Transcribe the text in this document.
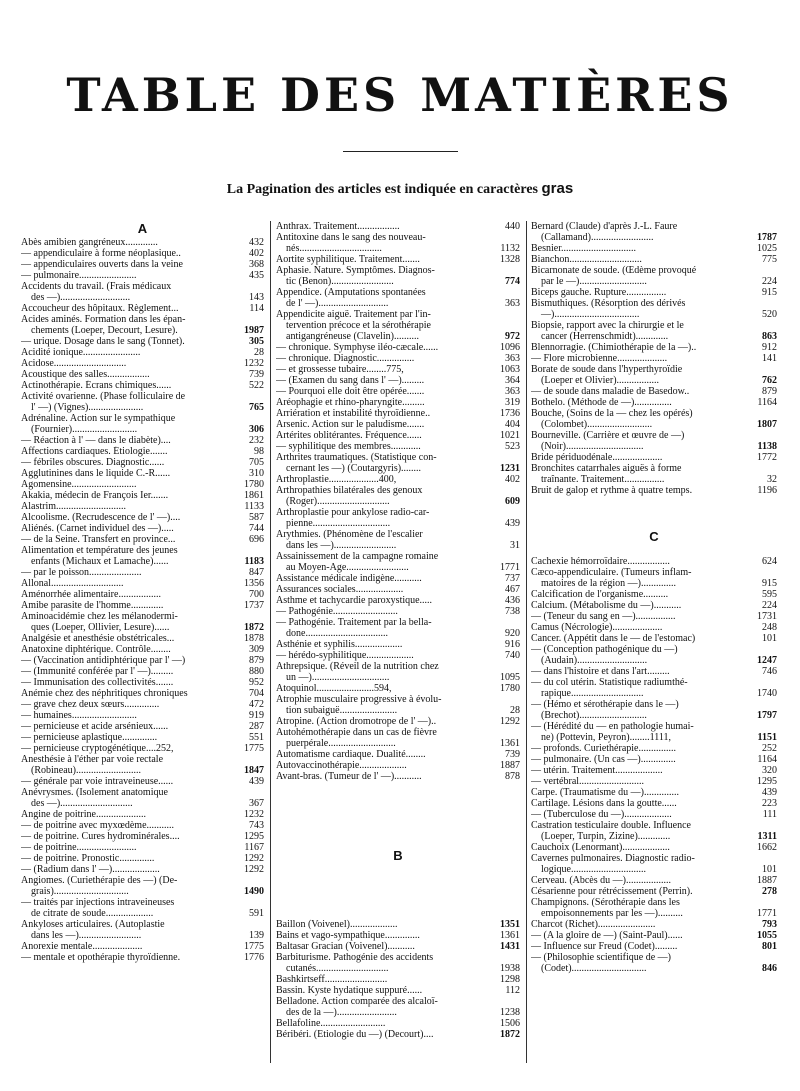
TABLE DES MATIÈRES

La Pagination des articles est indiquée en caractères gras

A
Abès amibien gangréneux.............	432
— appendiculaire à forme néoplasique..	402
— appendiculaires ouverts dans la veine	368
— pulmonaire.......................	435
Accidents du travail. (Frais médicaux
des —)............................	143
Accoucheur des hôpitaux. Règlement...	114
Acides aminés. Formation dans les épan-
chements (Loeper, Decourt, Lesure).	1987
— urique. Dosage dans le sang (Tonnet).	305
Acidité ionique.......................	28
Acidose.............................	1232
Acoustique des salles.................	739
Actinothérapie. Écrans chimiques......	522
Activité ovarienne. (Phase folliculaire de
l' —) (Vignes)......................	765
Adrénaline. Action sur le sympathique
(Fournier)..........................	306
— Réaction à l' — dans le diabète)....	232
Affections cardiaques. Étiologie.......	98
— fébriles obscures. Diagnostic......	705
Agglutinines dans le liquide C.-R......	310
Agomensine..........................	1780
Akakia, médecin de François Ier.......	1861
Alastrim............................	1133
Alcoolisme. (Recrudescence de l' —)....	587
Aliénés. (Carnet individuel des —).....	744
— de la Seine. Transfert en province...	696
Alimentation et température des jeunes
enfants (Michaux et Lamache)......	1183
— par le poisson.....................	847
Allonal.............................	1356
Aménorrhée alimentaire.................	700
Amibe parasite de l'homme.............	1737
Aminoacidémie chez les mélanodermi-
ques (Loeper, Ollivier, Lesure)......	1872
Analgésie et anesthésie obstétricales...	1878
Anatoxine diphtérique. Contrôle........	309
— (Vaccination antidiphtérique par l' —)	879
— (Immunité conférée par l' —).........	880
— Immunisation des collectivités.......	952
Anémie chez des néphritiques chroniques	704
— grave chez deux sœurs..............	472
— humaines..........................	919
— pernicieuse et acide arsénieux......	287
— pernicieuse aplastique..............	551
— pernicieuse cryptogénétique....252,	1775
Anesthésie à l'éther par voie rectale
(Robineau)..........................	1847
— générale par voie intraveineuse......	439
Anévrysmes. (Isolement anatomique
des —).............................	367
Angine de poitrine....................	1232
— de poitrine avec myxœdème...........	743
— de poitrine. Cures hydrominérales....	1295
— de poitrine........................	1167
— de poitrine. Pronostic..............	1292
— (Radium dans l' —)...................	1292
Angiomes. (Curiethérapie des —) (De-
grais)..............................	1490
— traités par injections intraveineuses
de citrate de soude...................	591
Ankyloses articulaires. (Autoplastie
dans les —).........................	139
Anorexie mentale....................	1775
— mentale et opothérapie thyroïdienne.	1776
Anthrax. Traitement.................	440
Antitoxine dans le sang des nouveau-
nés.................................	1132
Aortite syphilitique. Traitement.......	1328
Aphasie. Nature. Symptômes. Diagnos-
tic (Benon).........................	774
Appendice. (Amputations spontanées
de l' —)............................	363
Appendicite aiguë. Traitement par l'in-
tervention précoce et la sérothérapie
antigangréneuse (Clavelin)..........	972
— chronique. Symphyse iléo-cæcale......	1096
— chronique. Diagnostic...............	363
— et grossesse tubaire........775,	1063
— (Examen du sang dans l' —).........	364
— Pourquoi elle doit être opérée.......	363
Aréophagie et rhino-pharyngite.........	319
Arriération et instabilité thyroïdienne..	1736
Arsenic. Action sur le paludisme.......	404
Artérites oblitérantes. Fréquence......	1021
— syphilitique des membres............	523
Arthrites traumatiques. (Statistique con-
cernant les —) (Coutargyris)........	1231
Arthroplastie....................400,	402
Arthropathies bilatérales des genoux
(Roger).............................	609
Arthroplastie pour ankylose radio-car-
pienne...............................	439
Arythmies. (Phénomène de l'escalier
dans les —).........................	31
Assainissement de la campagne romaine
au Moyen-Age.........................	1771
Assistance médicale indigène...........	737
Assurances sociales...................	467
Asthme et tachycardie paroxystique.....	436
— Pathogénie..........................	738
— Pathogénie. Traitement par la bella-
done.................................	920
Asthénie et syphilis...................	916
— hérédo-syphilitique...................	740
Athrepsique. (Réveil de la nutrition chez
un —)...............................	1095
Atoquinol.......................594,	1780
Atrophie musculaire progressive à évolu-
tion subaiguë.......................	28
Atropine. (Action dromotrope de l' —)..	1292
Autohémothérapie dans un cas de fièvre
puerpérale...........................	1361
Automatisme cardiaque. Dualité........	739
Autovaccinothérapie...................	1887
Avant-bras. (Tumeur de l' —)...........	878
B
Baillon (Voivenel)...................	1351
Bains et vago-sympathique..............	1361
Baltasar Gracian (Voivenel)...........	1431
Barbiturisme. Pathogénie des accidents
cutanés.............................	1938
Bashkirtseff.........................	1298
Bassin. Kyste hydatique suppuré......	112
Belladone. Action comparée des alcaloï-
des de la —)........................	1238
Bellafoline..........................	1506
Béribéri. (Etiologie du —) (Decourt)....	1872
Bernard (Claude) d'après J.-L. Faure
(Callamand).........................	1787
Besnier..............................	1025
Bianchon.............................	775
Bicarnonate de soude. (Œdème provoqué
par le —)...........................	224
Biceps gauche. Rupture................	915
Bismuthiques. (Résorption des dérivés
—)..................................	520
Biopsie, rapport avec la chirurgie et le
cancer (Herrenschmidt).............	863
Blennorragie. (Chimiothérapie de la —)..	912
— Flore microbienne....................	141
Borate de soude dans l'hyperthyroïdie
(Loeper et Olivier).................	762
— de soude dans maladie de Basedow..	879
Bothelo. (Méthode de —)...............	1164
Bouche, (Soins de la — chez les opérés)
(Colombet)..........................	1807
Bourneville. (Carrière et œuvre de —)
(Noir)...............................	1138
Bride périduodénale....................	1772
Bronchites catarrhales aiguës à forme
traînante. Traitement................	32
Bruit de galop et rythme à quatre temps.	1196
C
Cachexie hémorroïdaire.................	624
Cæco-appendiculaire. (Tumeurs inflam-
matoires de la région —)..............	915
Calcification de l'organisme..........	595
Calcium. (Métabolisme du —)...........	224
— (Teneur du sang en —)................	1731
Camus (Nécrologie)....................	248
Cancer. (Appétit dans le — de l'estomac)	101
— (Conception pathogénique du —)
(Audain)............................	1247
— dans l'histoire et dans l'art.........	746
— du col utérin. Statistique radiumthé-
rapique.............................	1740
— (Hémo et sérothérapie dans le —)
(Brechot)...........................	1797
— (Hérédité du — en pathologie humai-
ne) (Pottevin, Peyron)........1111,	1151
— profonds. Curiethérapie...............	252
— pulmonaire. (Un cas —)..............	1164
— utérin. Traitement...................	320
— vertébral..........................	1295
Carpe. (Traumatisme du —)..............	439
Cartilage. Lésions dans la goutte......	223
— (Tuberculose du —)...................	111
Castration testiculaire double. Influence
(Loeper, Turpin, Zizine).............	1311
Cauchoix (Lenormant)...................	1662
Cavernes pulmonaires. Diagnostic radio-
logique..............................	101
Cerveau. (Abcès du —)..................	1887
Césarienne pour rétrécissement (Perrin).	278
Champignons. (Sérothérapie dans les
empoisonnements par les —)..........	1771
Charcot (Richet).......................	793
— (A la gloire de —) (Saint-Paul)......	1055
— Influence sur Freud (Codet).........	801
— (Philosophie scientifique de —)
(Codet)..............................	846
